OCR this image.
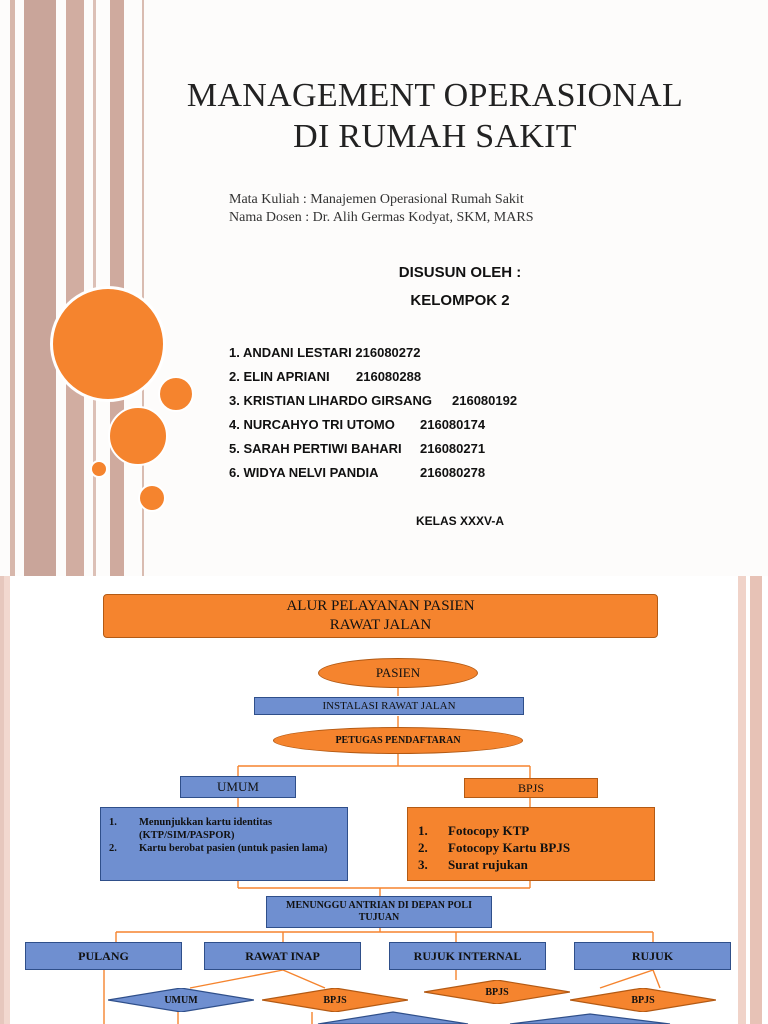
MANAGEMENT OPERASIONAL
DI RUMAH SAKIT
Mata Kuliah : Manajemen Operasional Rumah Sakit
Nama Dosen : Dr. Alih Germas Kodyat, SKM, MARS
DISUSUN OLEH :
KELOMPOK 2
1. ANDANI LESTARI 216080272
2. ELIN APRIANI 216080288
3. KRISTIAN LIHARDO GIRSANG 216080192
4. NURCAHYO TRI UTOMO 216080174
5. SARAH PERTIWI BAHARI 216080271
6. WIDYA NELVI PANDIA	216080278
KELAS XXXV-A
ALUR PELAYANAN PASIEN
RAWAT JALAN
PASIEN
INSTALASI RAWAT JALAN
PETUGAS PENDAFTARAN
UMUM	BPJS
1. Menunjukkan kartu identitas (KTP/SIM/PASPOR)
2. Kartu berobat pasien (untuk pasien lama)
1. Fotocopy KTP
2. Fotocopy Kartu BPJS
3. Surat rujukan
MENUNGGU ANTRIAN DI DEPAN POLI TUJUAN
PULANG	RAWAT INAP	RUJUK INTERNAL	RUJUK
UMUM	BPJS
BPJS
BPJS
